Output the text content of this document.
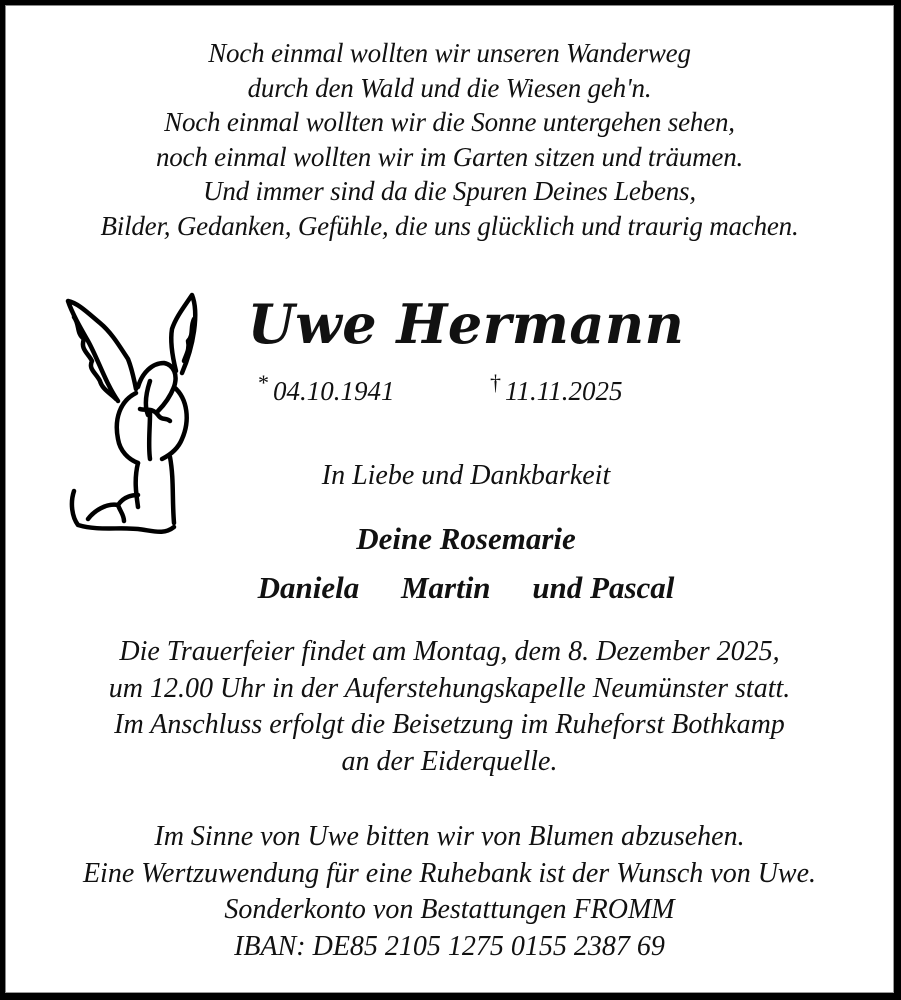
Noch einmal wollten wir unseren Wanderweg
durch den Wald und die Wiesen geh'n.
Noch einmal wollten wir die Sonne untergehen sehen,
noch einmal wollten wir im Garten sitzen und träumen.
Und immer sind da die Spuren Deines Lebens,
Bilder, Gedanken, Gefühle, die uns glücklich und traurig machen.
Uwe Hermann
* 04.10.1941	† 11.11.2025
In Liebe und Dankbarkeit
Deine Rosemarie
Daniela Martin und Pascal
Die Trauerfeier findet am Montag, dem 8. Dezember 2025,
um 12.00 Uhr in der Auferstehungskapelle Neumünster statt.
Im Anschluss erfolgt die Beisetzung im Ruheforst Bothkamp
an der Eiderquelle.
Im Sinne von Uwe bitten wir von Blumen abzusehen.
Eine Wertzuwendung für eine Ruhebank ist der Wunsch von Uwe.
Sonderkonto von Bestattungen FROMM
IBAN: DE85 2105 1275 0155 2387 69
